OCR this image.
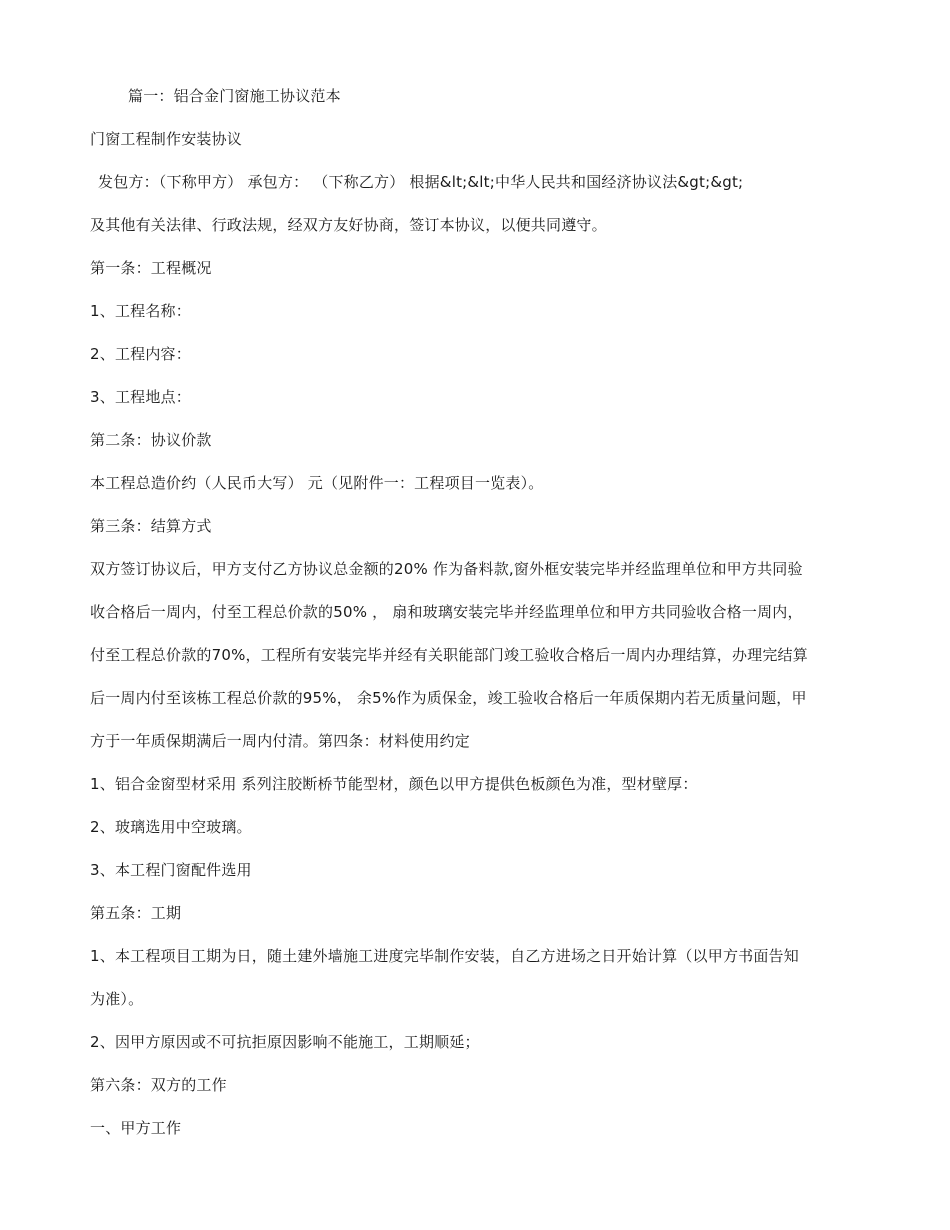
篇一：铝合金门窗施工协议范本
门窗工程制作安装协议
发包方：（下称甲方） 承包方： （下称乙方） 根据&lt;&lt;中华人民共和国经济协议法&gt;&gt;
及其他有关法律、行政法规，经双方友好协商，签订本协议，以便共同遵守。
第一条：工程概况
1、工程名称：
2、工程内容：
3、工程地点：
第二条：协议价款
本工程总造价约（人民币大写） 元（见附件一：工程项目一览表）。
第三条：结算方式
双方签订协议后，甲方支付乙方协议总金额的20% 作为备料款,窗外框安装完毕并经监理单位和甲方共同验
收合格后一周内，付至工程总价款的50% ， 扇和玻璃安装完毕并经监理单位和甲方共同验收合格一周内，
付至工程总价款的70%，工程所有安装完毕并经有关职能部门竣工验收合格后一周内办理结算，办理完结算
后一周内付至该栋工程总价款的95%， 余5%作为质保金，竣工验收合格后一年质保期内若无质量问题，甲
方于一年质保期满后一周内付清。第四条：材料使用约定
1、铝合金窗型材采用 系列注胶断桥节能型材，颜色以甲方提供色板颜色为准，型材壁厚：
2、玻璃选用中空玻璃。
3、本工程门窗配件选用
第五条：工期
1、本工程项目工期为日，随土建外墙施工进度完毕制作安装，自乙方进场之日开始计算（以甲方书面告知
为准）。
2、因甲方原因或不可抗拒原因影响不能施工，工期顺延；
第六条：双方的工作
一、甲方工作
